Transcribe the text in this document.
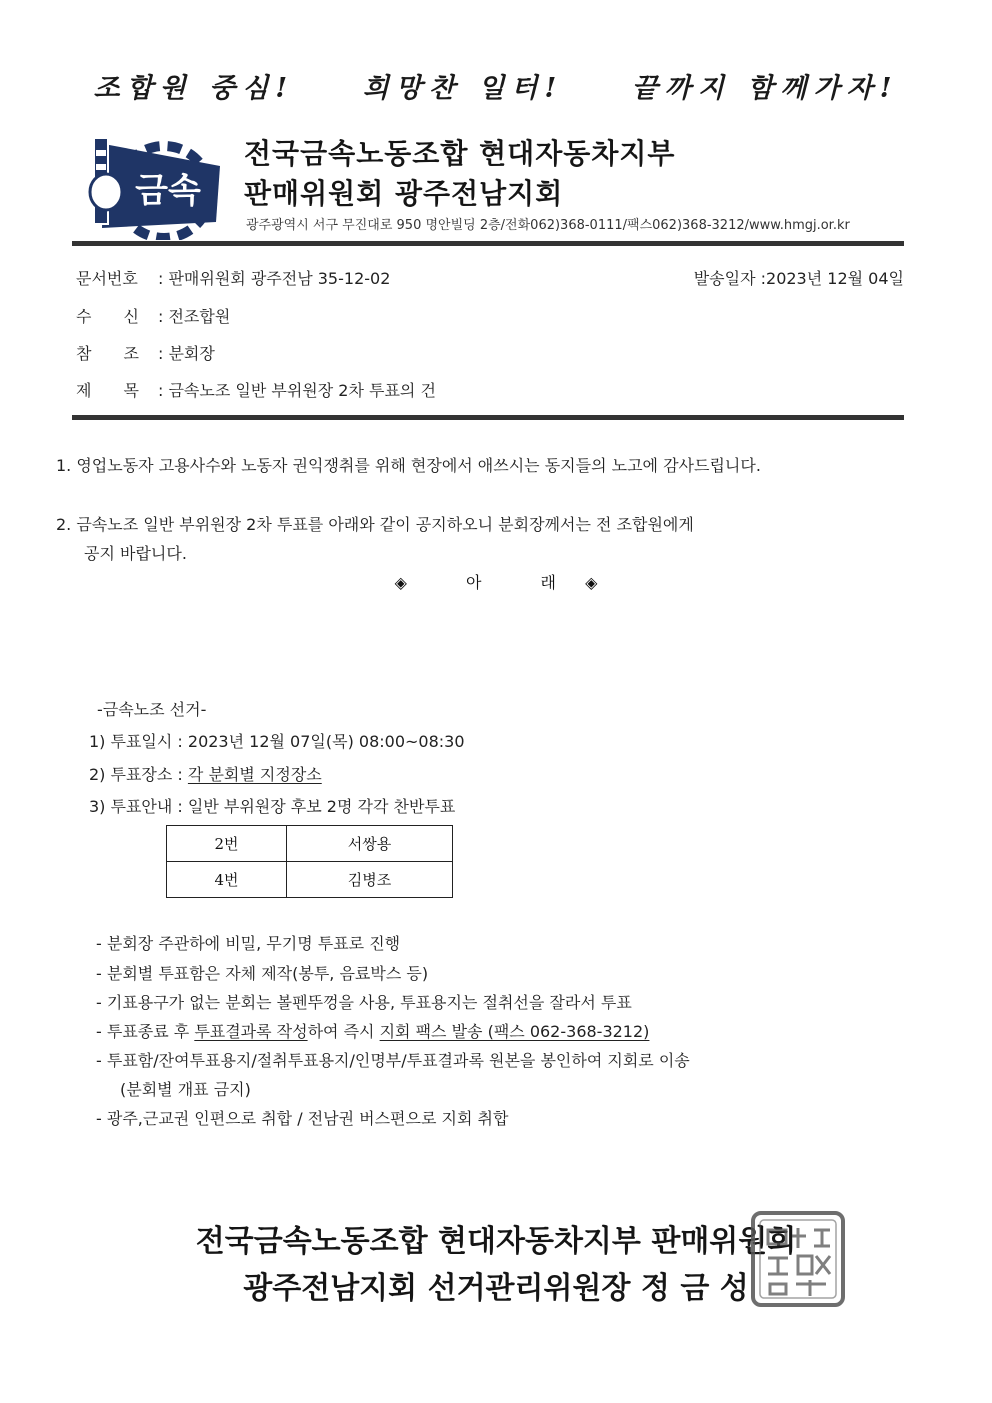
조합원 중심!	희망찬 일터!	끝까지 함께가자!
금속
전국금속노동조합 현대자동차지부
판매위원회 광주전남지회
광주광역시 서구 무진대로 950 명안빌딩 2층/전화062)368-0111/팩스062)368-3212/www.hmgj.or.kr
문서번호 : 판매위원회 광주전남 35-12-02	발송일자 :2023년 12월 04일
수　　신 : 전조합원
참　　조 : 분회장
제　　목 : 금속노조 일반 부위원장 2차 투표의 건
1. 영업노동자 고용사수와 노동자 권익쟁취를 위해 현장에서 애쓰시는 동지들의 노고에 감사드립니다.
2. 금속노조 일반 부위원장 2차 투표를 아래와 같이 공지하오니 분회장께서는 전 조합원에게
공지 바랍니다.
◈	아	래 ◈
-금속노조 선거-
1) 투표일시 : 2023년 12월 07일(목) 08:00~08:30
2) 투표장소 : 각 분회별 지정장소
3) 투표안내 : 일반 부위원장 후보 2명 각각 찬반투표
2번	서쌍용
4번	김병조
- 분회장 주관하에 비밀, 무기명 투표로 진행
- 분회별 투표함은 자체 제작(봉투, 음료박스 등)
- 기표용구가 없는 분회는 볼펜뚜껑을 사용, 투표용지는 절취선을 잘라서 투표
- 투표종료 후 투표결과록 작성하여 즉시 지회 팩스 발송 (팩스 062-368-3212)
- 투표함/잔여투표용지/절취투표용지/인명부/투표결과록 원본을 봉인하여 지회로 이송
(분회별 개표 금지)
- 광주,근교권 인편으로 취합 / 전남권 버스편으로 지회 취합
전국금속노동조합 현대자동차지부 판매위원회
광주전남지회 선거관리위원장 정 금 성
